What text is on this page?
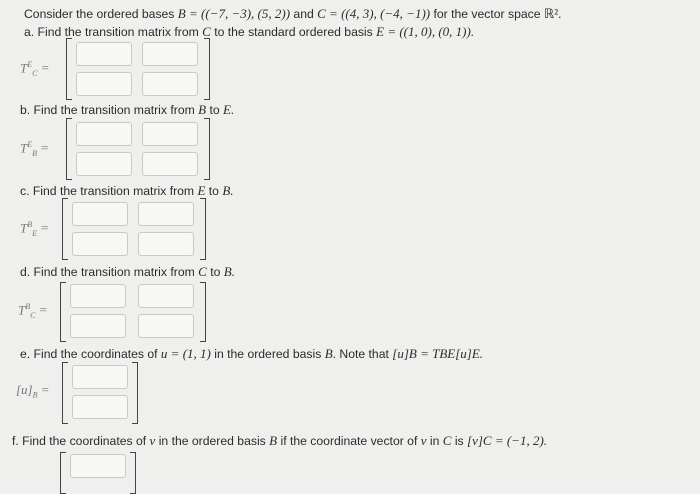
Consider the ordered bases B = ((−7, −3), (5, 2)) and C = ((4, 3), (−4, −1)) for the vector space ℝ².
a. Find the transition matrix from C to the standard ordered basis E = ((1, 0), (0, 1)).
$T^E_C$ =
b. Find the transition matrix from B to E.
$T^E_B$ =
c. Find the transition matrix from E to B.
$T^B_E$ =
d. Find the transition matrix from C to B.
$T^B_C$ =
e. Find the coordinates of u = (1, 1) in the ordered basis B. Note that [u]B = TBE[u]E.
$[u]_B$ =
f. Find the coordinates of v in the ordered basis B if the coordinate vector of v in C is [v]C = (−1, 2).
